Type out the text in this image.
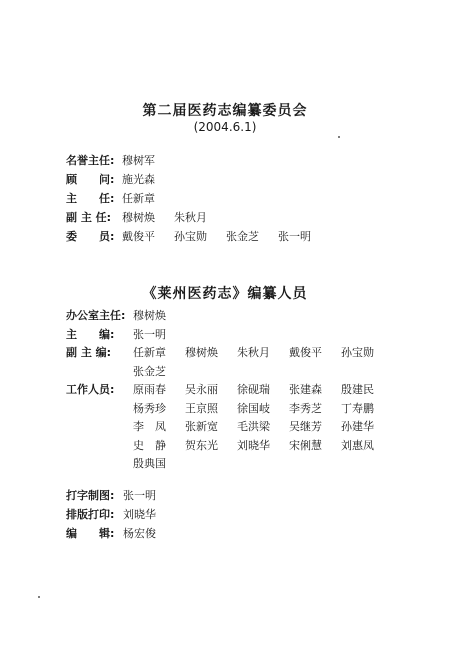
第二届医药志编纂委员会
(2004.6.1)
名誉主任: 穆树军
顾　　问: 施光森
主　　任: 任新章
副 主 任: 穆树焕 朱秋月
委　　员: 戴俊平 孙宝勋 张金芝 张一明
《莱州医药志》编纂人员
办公室主任: 穆树焕
主　　编: 张一明
副 主 编: 任新章 穆树焕 朱秋月 戴俊平 孙宝勋
张金芝
工作人员: 原雨春 吴永丽 徐砚瑞 张建森 殷建民
杨秀珍 王京照 徐国岐 李秀芝 丁寿鹏
李　凤 张新宽 毛洪梁 吴继芳 孙建华
史　静 贺东光 刘晓华 宋俐慧 刘惠凤
殷典国
打字制图: 张一明
排版打印: 刘晓华
编　　辑: 杨宏俊
